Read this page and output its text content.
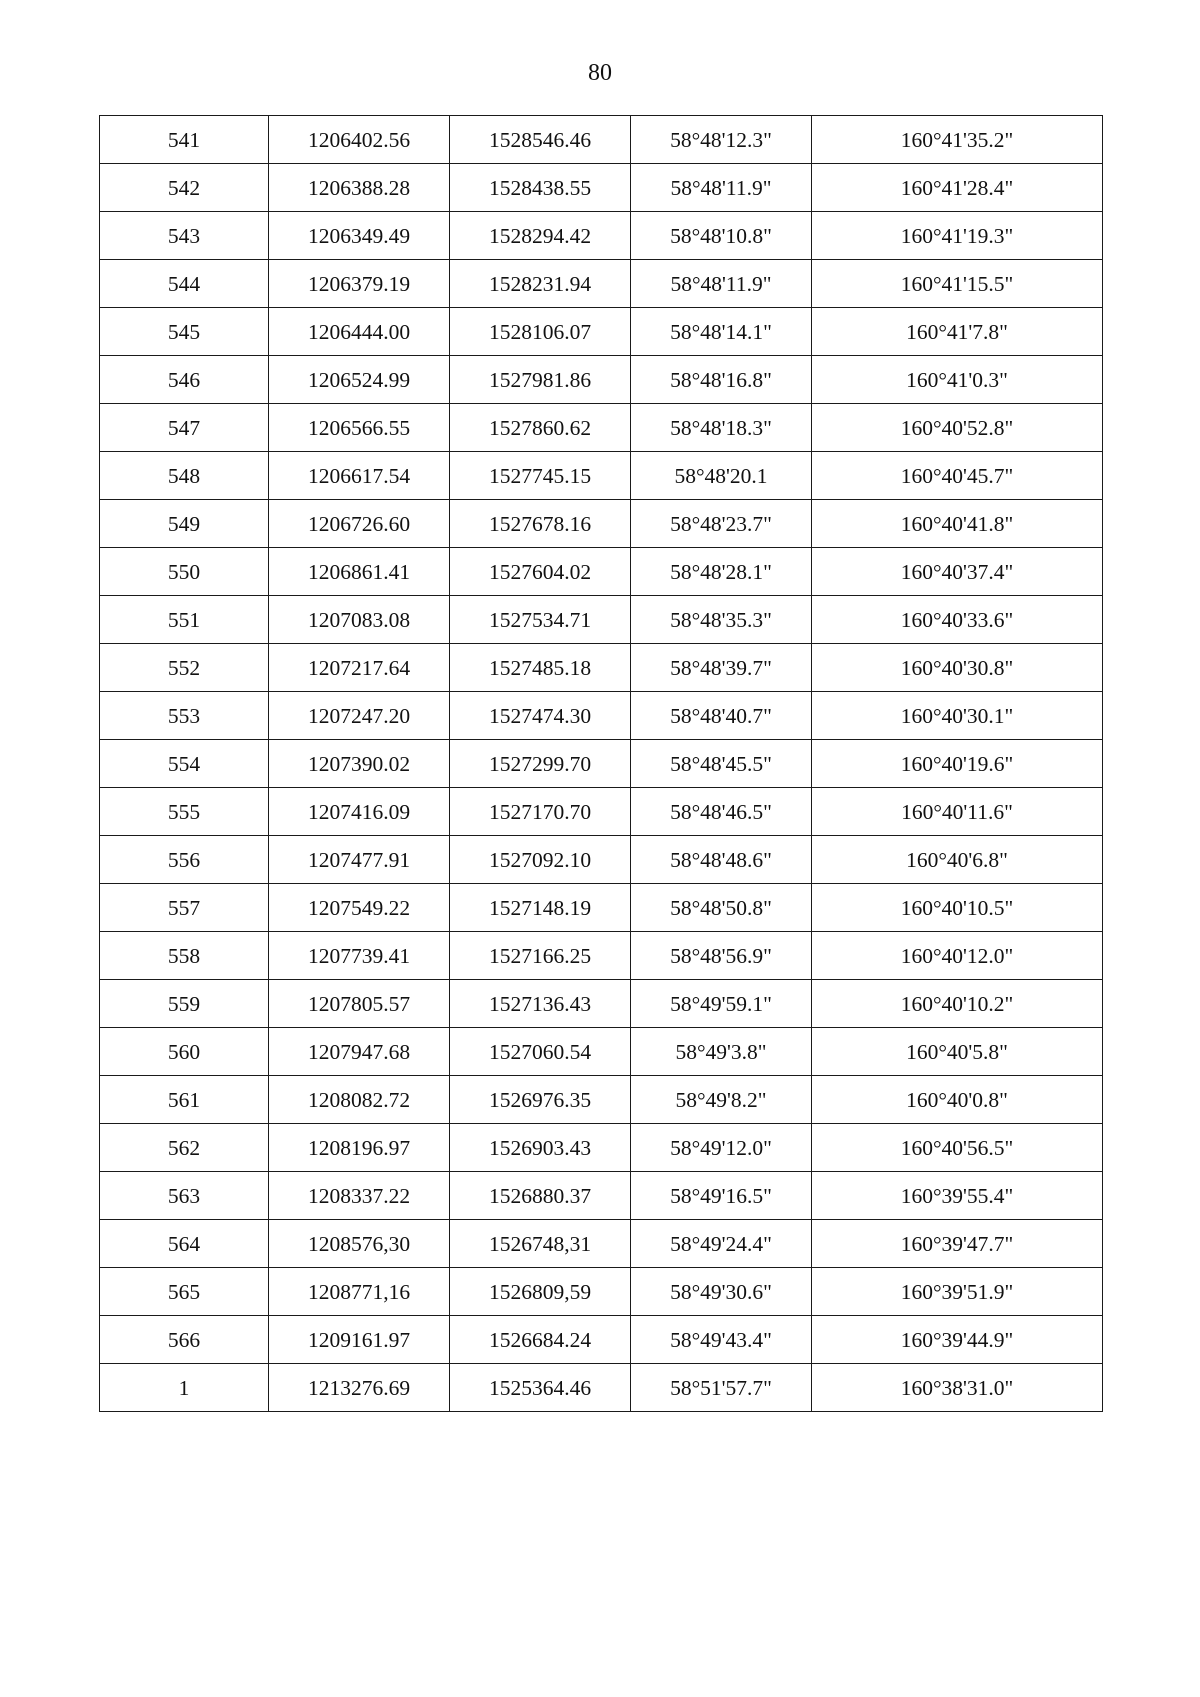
80
541	1206402.56	1528546.46	58°48'12.3"	160°41'35.2"
542	1206388.28	1528438.55	58°48'11.9"	160°41'28.4"
543	1206349.49	1528294.42	58°48'10.8"	160°41'19.3"
544	1206379.19	1528231.94	58°48'11.9"	160°41'15.5"
545	1206444.00	1528106.07	58°48'14.1"	160°41'7.8"
546	1206524.99	1527981.86	58°48'16.8"	160°41'0.3"
547	1206566.55	1527860.62	58°48'18.3"	160°40'52.8"
548	1206617.54	1527745.15	58°48'20.1	160°40'45.7"
549	1206726.60	1527678.16	58°48'23.7"	160°40'41.8"
550	1206861.41	1527604.02	58°48'28.1"	160°40'37.4"
551	1207083.08	1527534.71	58°48'35.3"	160°40'33.6"
552	1207217.64	1527485.18	58°48'39.7"	160°40'30.8"
553	1207247.20	1527474.30	58°48'40.7"	160°40'30.1"
554	1207390.02	1527299.70	58°48'45.5"	160°40'19.6"
555	1207416.09	1527170.70	58°48'46.5"	160°40'11.6"
556	1207477.91	1527092.10	58°48'48.6"	160°40'6.8"
557	1207549.22	1527148.19	58°48'50.8"	160°40'10.5"
558	1207739.41	1527166.25	58°48'56.9"	160°40'12.0"
559	1207805.57	1527136.43	58°49'59.1"	160°40'10.2"
560	1207947.68	1527060.54	58°49'3.8"	160°40'5.8"
561	1208082.72	1526976.35	58°49'8.2"	160°40'0.8"
562	1208196.97	1526903.43	58°49'12.0"	160°40'56.5"
563	1208337.22	1526880.37	58°49'16.5"	160°39'55.4"
564	1208576,30	1526748,31	58°49'24.4"	160°39'47.7"
565	1208771,16	1526809,59	58°49'30.6"	160°39'51.9"
566	1209161.97	1526684.24	58°49'43.4"	160°39'44.9"
1	1213276.69	1525364.46	58°51'57.7"	160°38'31.0"
